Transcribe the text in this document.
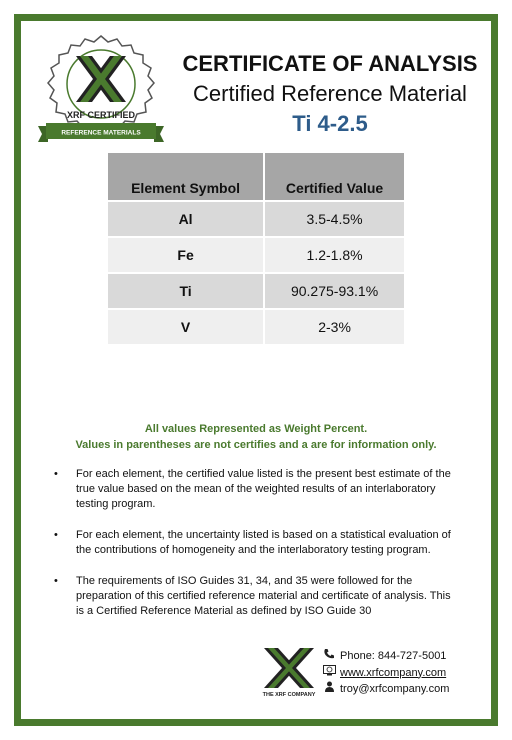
XRF CERTIFIED
REFERENCE MATERIALS
CERTIFICATE OF ANALYSIS
Certified Reference Material
Ti 4-2.5
Element Symbol	Certified Value
Al	3.5-4.5%
Fe	1.2-1.8%
Ti	90.275-93.1%
V	2-3%
All values Represented as Weight Percent.
Values in parentheses are not certifies and a are for information only.
• For each element, the certified value listed is the present best estimate of the true value based on the mean of the weighted results of an interlaboratory testing program.
• For each element, the uncertainty listed is based on a statistical evaluation of the contributions of homogeneity and the interlaboratory testing program.
• The requirements of ISO Guides 31, 34, and 35 were followed for the preparation of this certified reference material and certificate of analysis. This is a Certified Reference Material as defined by ISO Guide 30
THE XRF COMPANY
Phone: 844-727-5001
www.xrfcompany.com
troy@xrfcompany.com
